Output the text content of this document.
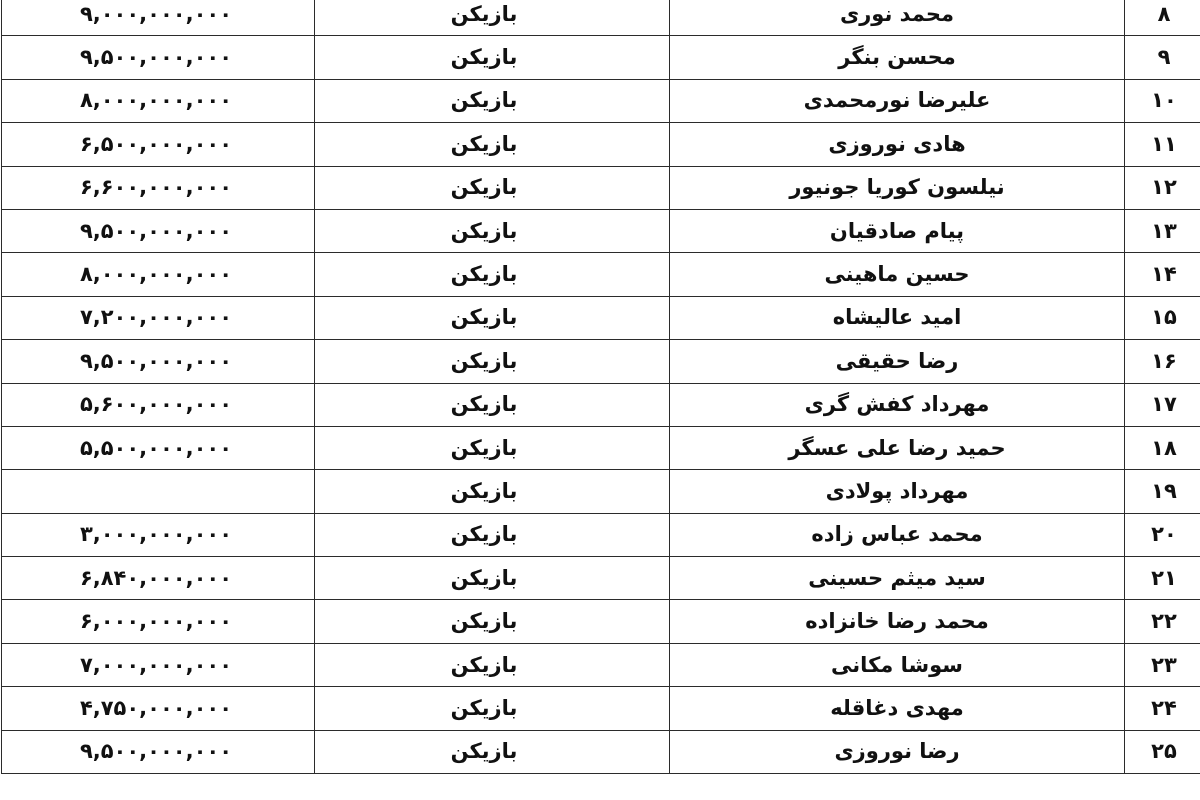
۸	محمد نوری	بازیکن	۹,۰۰۰,۰۰۰,۰۰۰
۹	محسن بنگر	بازیکن	۹,۵۰۰,۰۰۰,۰۰۰
۱۰	علیرضا نورمحمدی	بازیکن	۸,۰۰۰,۰۰۰,۰۰۰
۱۱	هادی نوروزی	بازیکن	۶,۵۰۰,۰۰۰,۰۰۰
۱۲	نیلسون کوریا جونیور	بازیکن	۶,۶۰۰,۰۰۰,۰۰۰
۱۳	پیام صادقیان	بازیکن	۹,۵۰۰,۰۰۰,۰۰۰
۱۴	حسین ماهینی	بازیکن	۸,۰۰۰,۰۰۰,۰۰۰
۱۵	امید عالیشاه	بازیکن	۷,۲۰۰,۰۰۰,۰۰۰
۱۶	رضا حقیقی	بازیکن	۹,۵۰۰,۰۰۰,۰۰۰
۱۷	مهرداد کفش گری	بازیکن	۵,۶۰۰,۰۰۰,۰۰۰
۱۸	حمید رضا علی عسگر	بازیکن	۵,۵۰۰,۰۰۰,۰۰۰
۱۹	مهرداد پولادی	بازیکن	
۲۰	محمد عباس زاده	بازیکن	۳,۰۰۰,۰۰۰,۰۰۰
۲۱	سید میثم حسینی	بازیکن	۶,۸۴۰,۰۰۰,۰۰۰
۲۲	محمد رضا خانزاده	بازیکن	۶,۰۰۰,۰۰۰,۰۰۰
۲۳	سوشا مکانی	بازیکن	۷,۰۰۰,۰۰۰,۰۰۰
۲۴	مهدی دغاقله	بازیکن	۴,۷۵۰,۰۰۰,۰۰۰
۲۵	رضا نوروزی	بازیکن	۹,۵۰۰,۰۰۰,۰۰۰
